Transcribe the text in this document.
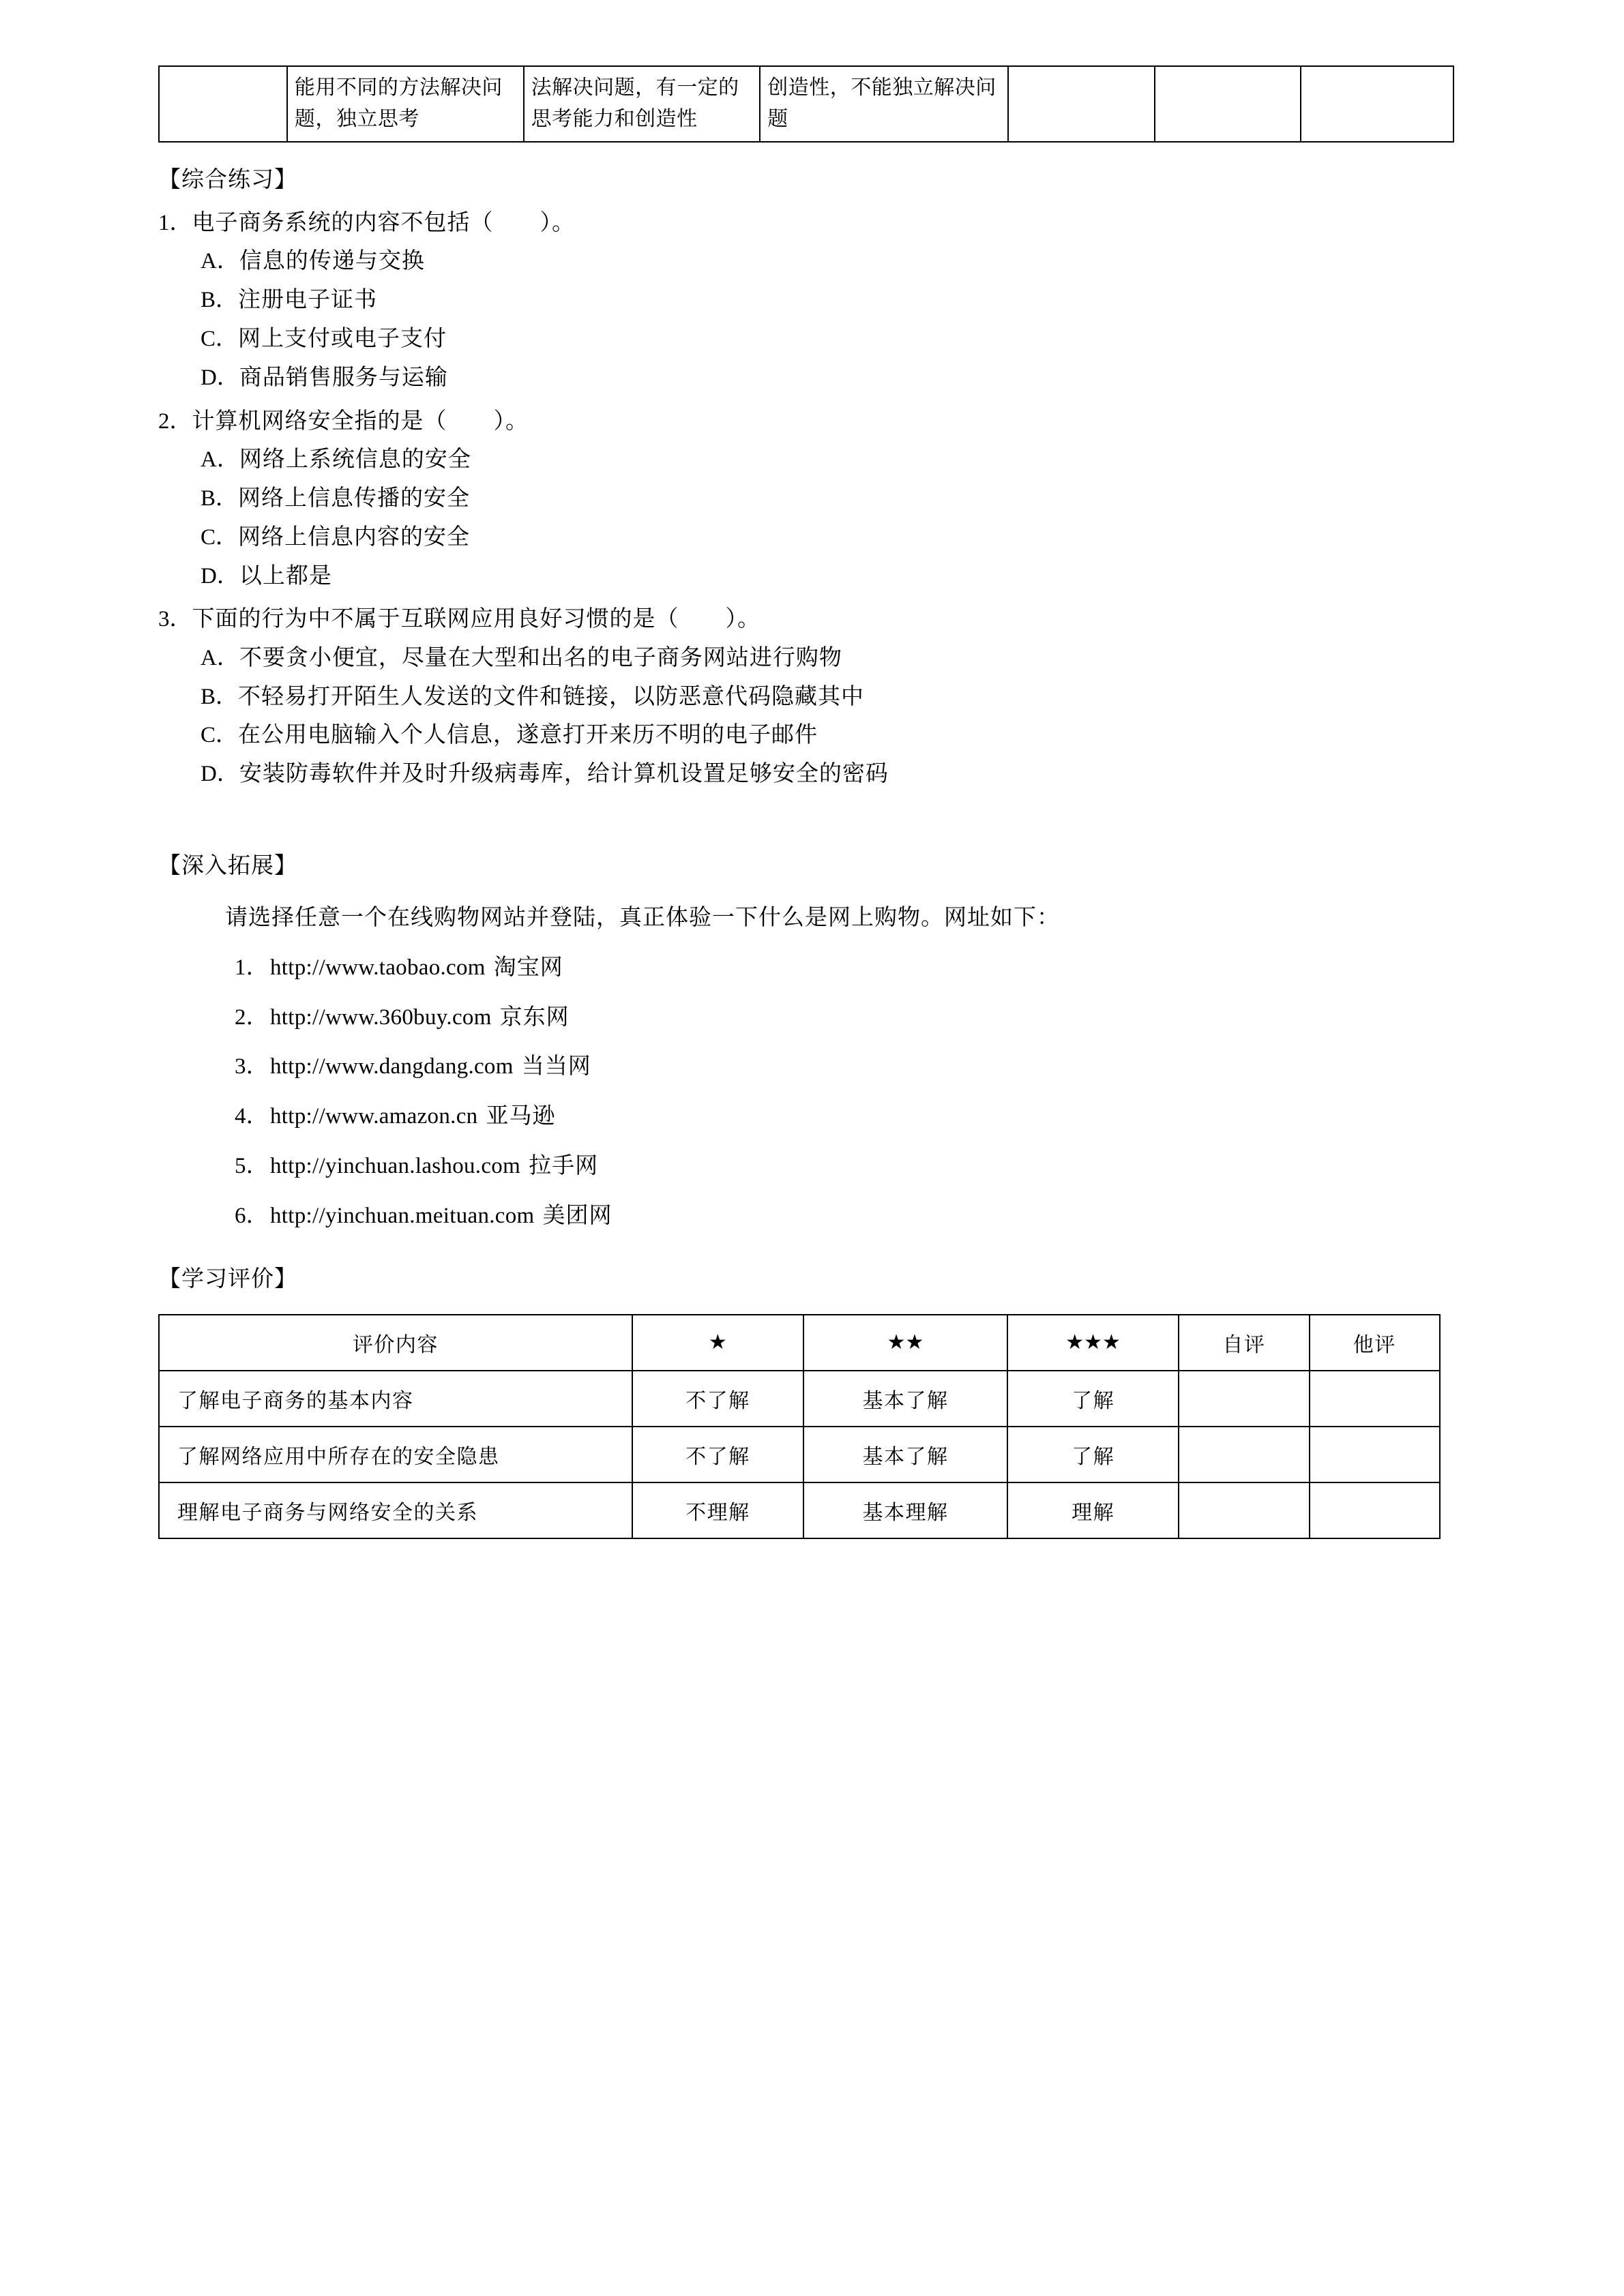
	能用不同的方法解决问题，独立思考	法解决问题，有一定的思考能力和创造性	创造性，不能独立解决问题			
【综合练习】
1．电子商务系统的内容不包括（　　）。
A．信息的传递与交换
B．注册电子证书
C．网上支付或电子支付
D．商品销售服务与运输
2．计算机网络安全指的是（　　）。
A．网络上系统信息的安全
B．网络上信息传播的安全
C．网络上信息内容的安全
D．以上都是
3．下面的行为中不属于互联网应用良好习惯的是（　　）。
A．不要贪小便宜，尽量在大型和出名的电子商务网站进行购物
B．不轻易打开陌生人发送的文件和链接，以防恶意代码隐藏其中
C．在公用电脑输入个人信息，遂意打开来历不明的电子邮件
D．安装防毒软件并及时升级病毒库，给计算机设置足够安全的密码
【深入拓展】
请选择任意一个在线购物网站并登陆，真正体验一下什么是网上购物。网址如下：
1．http://www.taobao.com 淘宝网
2．http://www.360buy.com 京东网
3．http://www.dangdang.com 当当网
4．http://www.amazon.cn 亚马逊
5．http://yinchuan.lashou.com 拉手网
6．http://yinchuan.meituan.com 美团网
【学习评价】
评价内容	★	★★	★★★	自评	他评
了解电子商务的基本内容	不了解	基本了解	了解		
了解网络应用中所存在的安全隐患	不了解	基本了解	了解		
理解电子商务与网络安全的关系	不理解	基本理解	理解		
